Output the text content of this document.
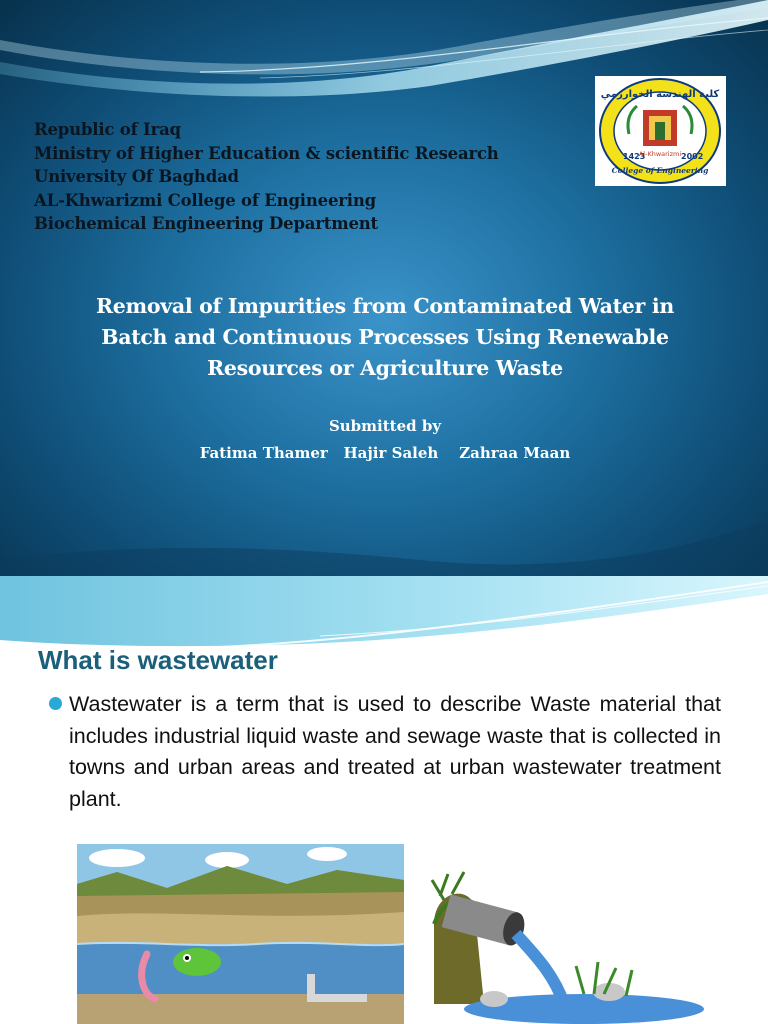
Republic of Iraq
Ministry of Higher Education & scientific Research
University Of Baghdad
AL-Khwarizmi College of Engineering
Biochemical Engineering Department
كلية الهندسة الخوارزمي
1423	2002
Al-Khwarizmi
College of Engineering
Removal of Impurities from Contaminated Water in
Batch and Continuous Processes Using Renewable
Resources or Agriculture Waste
Submitted by
Fatima Thamer   Hajir Saleh    Zahraa Maan
What is wastewater
Wastewater is a term that is used to describe Waste material that includes industrial liquid waste and sewage waste that is collected in towns and urban areas and treated at urban wastewater treatment plant.
